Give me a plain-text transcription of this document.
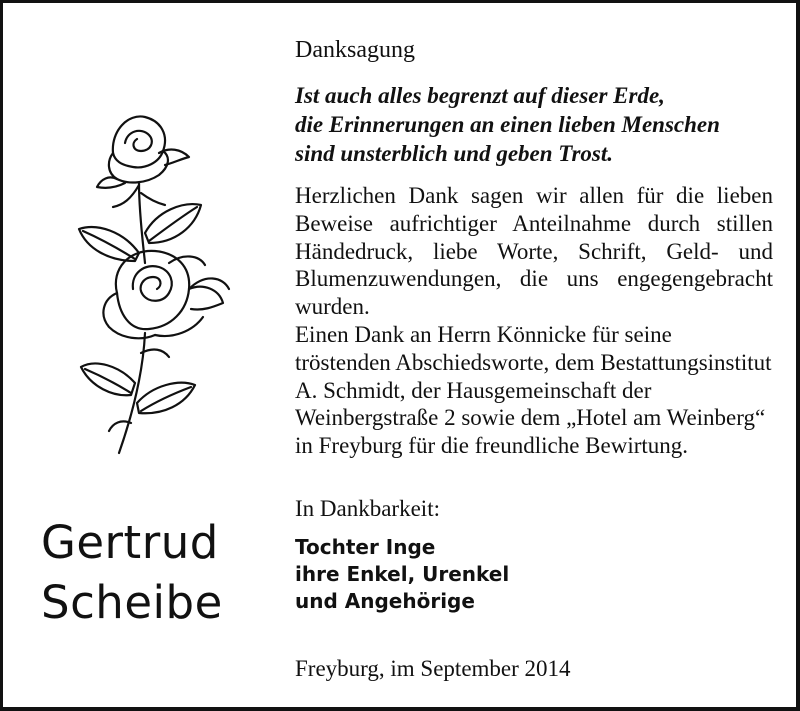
Gertrud
Scheibe
Danksagung
Ist auch alles begrenzt auf dieser Erde,
die Erinnerungen an einen lieben Menschen
sind unsterblich und geben Trost.

Herzlichen Dank sagen wir allen für die lieben Beweise aufrichtiger Anteilnahme durch stillen Händedruck, liebe Worte, Schrift, Geld- und Blumenzuwendungen, die uns engegengebracht wurden.

Einen Dank an Herrn Könnicke für seine tröstenden Abschiedsworte, dem Bestattungsinstitut A. Schmidt, der Hausgemeinschaft der Weinbergstraße 2 sowie dem „Hotel am Weinberg“ in Freyburg für die freundliche Bewirtung.

In Dankbarkeit:
Tochter Inge
ihre Enkel, Urenkel
und Angehörige
Freyburg, im September 2014
